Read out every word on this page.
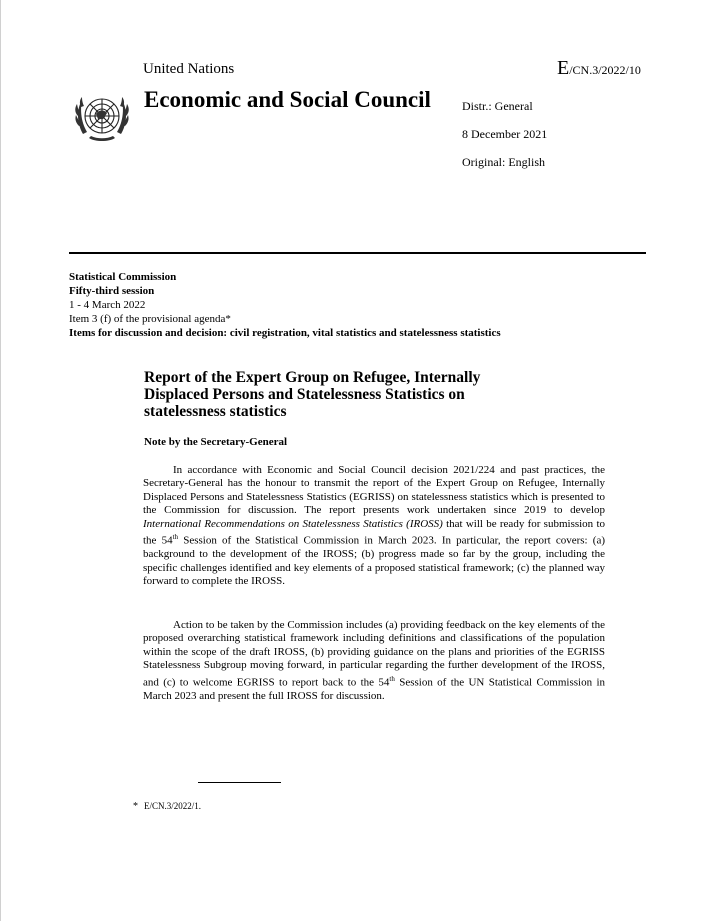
United Nations	E/CN.3/2022/10
Economic and Social Council	Distr.: General
8 December 2021
Original: English
Statistical Commission
Fifty-third session
1 - 4 March 2022
Item 3 (f) of the provisional agenda*
Items for discussion and decision: civil registration, vital statistics and statelessness statistics
Report of the Expert Group on Refugee, Internally Displaced Persons and Statelessness Statistics on statelessness statistics
Note by the Secretary-General

In accordance with Economic and Social Council decision 2021/224 and past practices, the Secretary-General has the honour to transmit the report of the Expert Group on Refugee, Internally Displaced Persons and Statelessness Statistics (EGRISS) on statelessness statistics which is presented to the Commission for discussion. The report presents work undertaken since 2019 to develop International Recommendations on Statelessness Statistics (IROSS) that will be ready for submission to the 54th Session of the Statistical Commission in March 2023. In particular, the report covers: (a) background to the development of the IROSS; (b) progress made so far by the group, including the specific challenges identified and key elements of a proposed statistical framework; (c) the planned way forward to complete the IROSS.

Action to be taken by the Commission includes (a) providing feedback on the key elements of the proposed overarching statistical framework including definitions and classifications of the population within the scope of the draft IROSS, (b) providing guidance on the plans and priorities of the EGRISS Statelessness Subgroup moving forward, in particular regarding the further development of the IROSS, and (c) to welcome EGRISS to report back to the 54th Session of the UN Statistical Commission in March 2023 and present the full IROSS for discussion.

* E/CN.3/2022/1.
